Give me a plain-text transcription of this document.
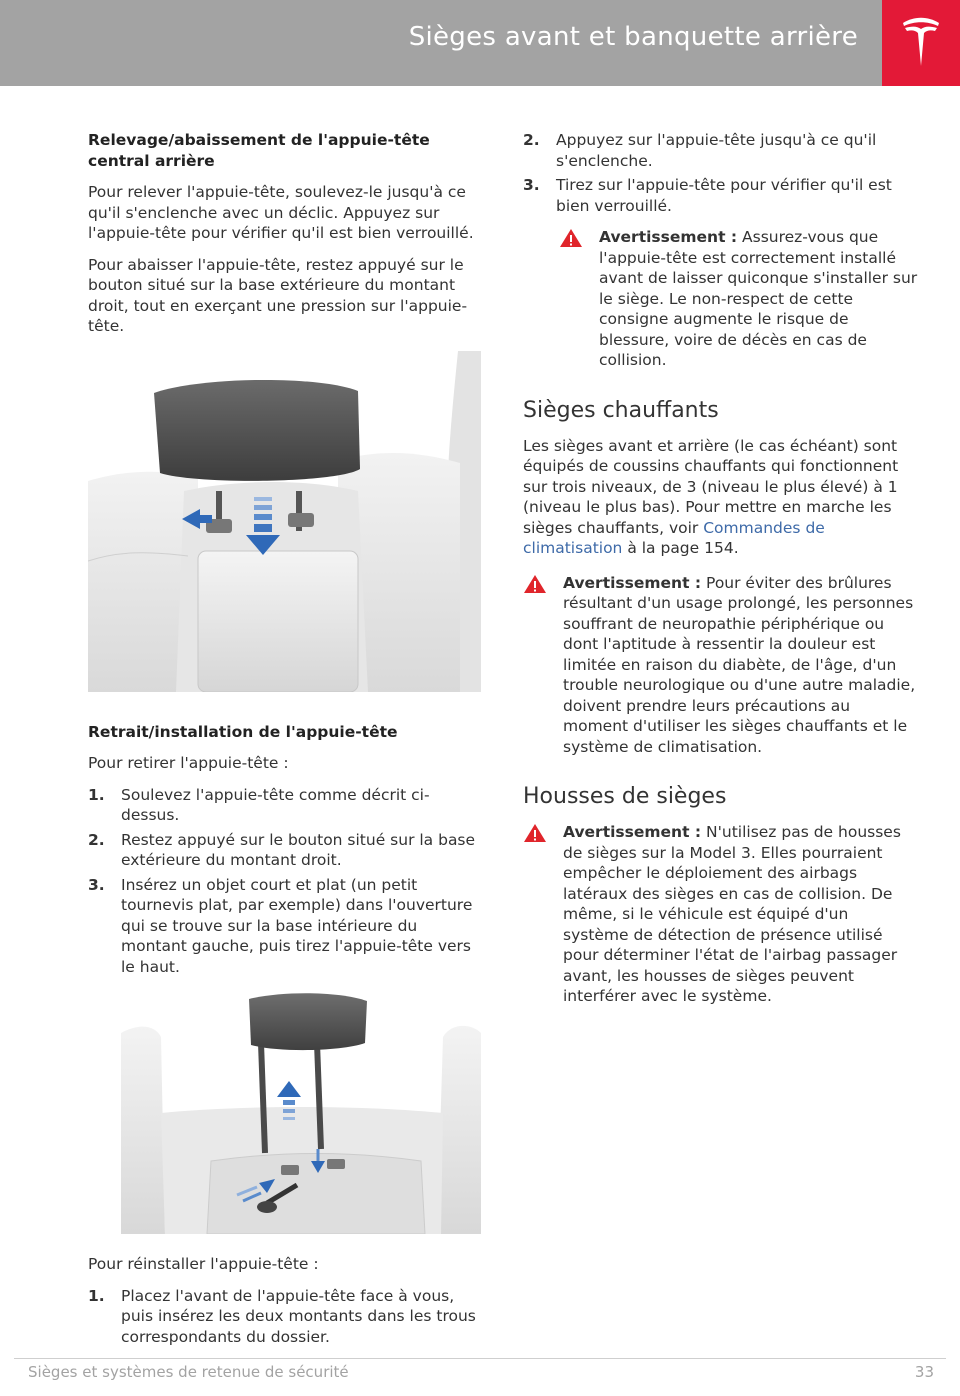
Sièges avant et banquette arrière
Relevage/abaissement de l'appuie-tête central arrière

Pour relever l'appuie-tête, soulevez-le jusqu'à ce qu'il s'enclenche avec un déclic. Appuyez sur l'appuie-tête pour vérifier qu'il est bien verrouillé.

Pour abaisser l'appuie-tête, restez appuyé sur le bouton situé sur la base extérieure du montant droit, tout en exerçant une pression sur l'appuie-tête.

Retrait/installation de l'appuie-tête

Pour retirer l'appuie-tête :

1.	Soulevez l'appuie-tête comme décrit ci-dessus.
2.	Restez appuyé sur le bouton situé sur la base extérieure du montant droit.
3.	Insérez un objet court et plat (un petit tournevis plat, par exemple) dans l'ouverture qui se trouve sur la base intérieure du montant gauche, puis tirez l'appuie-tête vers le haut.

Pour réinstaller l'appuie-tête :

1.	Placez l'avant de l'appuie-tête face à vous, puis insérez les deux montants dans les trous correspondants du dossier.
2.	Appuyez sur l'appuie-tête jusqu'à ce qu'il s'enclenche.
3.	Tirez sur l'appuie-tête pour vérifier qu'il est bien verrouillé.
Avertissement : Assurez-vous que l'appuie-tête est correctement installé avant de laisser quiconque s'installer sur le siège. Le non-respect de cette consigne augmente le risque de blessure, voire de décès en cas de collision.
Sièges chauffants

Les sièges avant et arrière (le cas échéant) sont équipés de coussins chauffants qui fonctionnent sur trois niveaux, de 3 (niveau le plus élevé) à 1 (niveau le plus bas). Pour mettre en marche les sièges chauffants, voir Commandes de climatisation à la page 154.

Avertissement : Pour éviter des brûlures résultant d'un usage prolongé, les personnes souffrant de neuropathie périphérique ou dont l'aptitude à ressentir la douleur est limitée en raison du diabète, de l'âge, d'un trouble neurologique ou d'une autre maladie, doivent prendre leurs précautions au moment d'utiliser les sièges chauffants et le système de climatisation.
Housses de sièges
Avertissement : N'utilisez pas de housses de sièges sur la Model 3. Elles pourraient empêcher le déploiement des airbags latéraux des sièges en cas de collision. De même, si le véhicule est équipé d'un système de détection de présence utilisé pour déterminer l'état de l'airbag passager avant, les housses de sièges peuvent interférer avec le système.
Sièges et systèmes de retenue de sécurité	33
